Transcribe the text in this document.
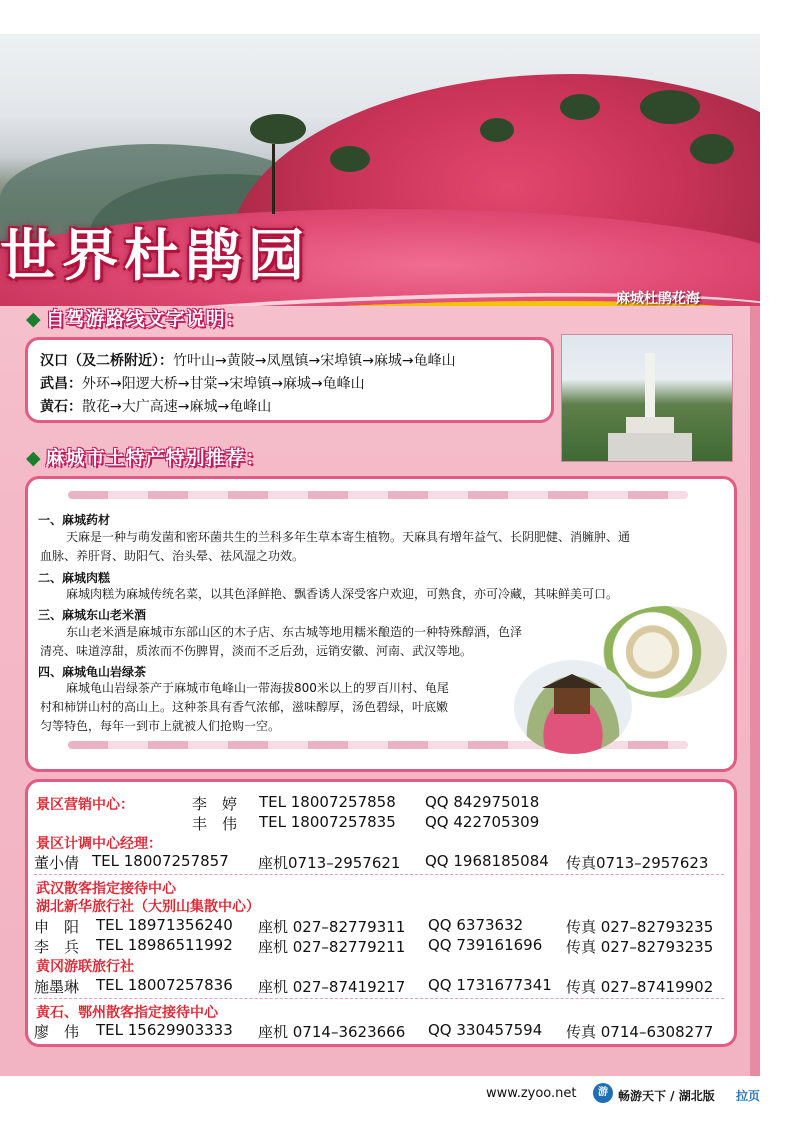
世界杜鹃园
麻城杜鹃花海
◆ 自驾游路线文字说明：
汉口（及二桥附近）：竹叶山→黄陂→凤凰镇→宋埠镇→麻城→龟峰山
武昌：外环→阳逻大桥→甘棠→宋埠镇→麻城→龟峰山
黄石：散花→大广高速→麻城→龟峰山
◆ 麻城市土特产特别推荐：
一、麻城药材
天麻是一种与萌发菌和密环菌共生的兰科多年生草本寄生植物。天麻具有增年益气、长阴肥健、消臃肿、通
血脉、养肝肾、助阳气、治头晕、祛风湿之功效。
二、麻城肉糕
麻城肉糕为麻城传统名菜，以其色泽鲜艳、飘香诱人深受客户欢迎，可熟食，亦可冷藏，其味鲜美可口。
三、麻城东山老米酒
东山老米酒是麻城市东部山区的木子店、东古城等地用糯米酿造的一种特殊醇酒，色泽
清亮、味道淳甜，质浓而不伤脾胃，淡而不乏后劲，远销安徽、河南、武汉等地。
四、麻城龟山岩绿茶
麻城龟山岩绿茶产于麻城市龟峰山一带海拔800米以上的罗百川村、龟尾
村和柿饼山村的高山上。这种茶具有香气浓郁，滋味醇厚，汤色碧绿，叶底嫩
匀等特色，每年一到市上就被人们抢购一空。
景区营销中心：	李　婷 TEL 18007257858 QQ 842975018
丰　伟 TEL 18007257835 QQ 422705309
景区计调中心经理：
董小倩 TEL 18007257857 座机0713–2957621 QQ 1968185084 传真0713–2957623
武汉散客指定接待中心
湖北新华旅行社（大别山集散中心）
申　阳 TEL 18971356240 座机 027–82779311 QQ 6373632	传真 027–82793235
李　兵 TEL 18986511992 座机 027–82779211 QQ 739161696 传真 027–82793235
黄冈游联旅行社
施墨琳 TEL 18007257836 座机 027–87419217 QQ 1731677341 传真 027–87419902
黄石、鄂州散客指定接待中心
廖　伟 TEL 15629903333 座机 0714–3623666 QQ 330457594 传真 0714–6308277
www.zyoo.net	游 畅游天下 / 湖北版 拉页
